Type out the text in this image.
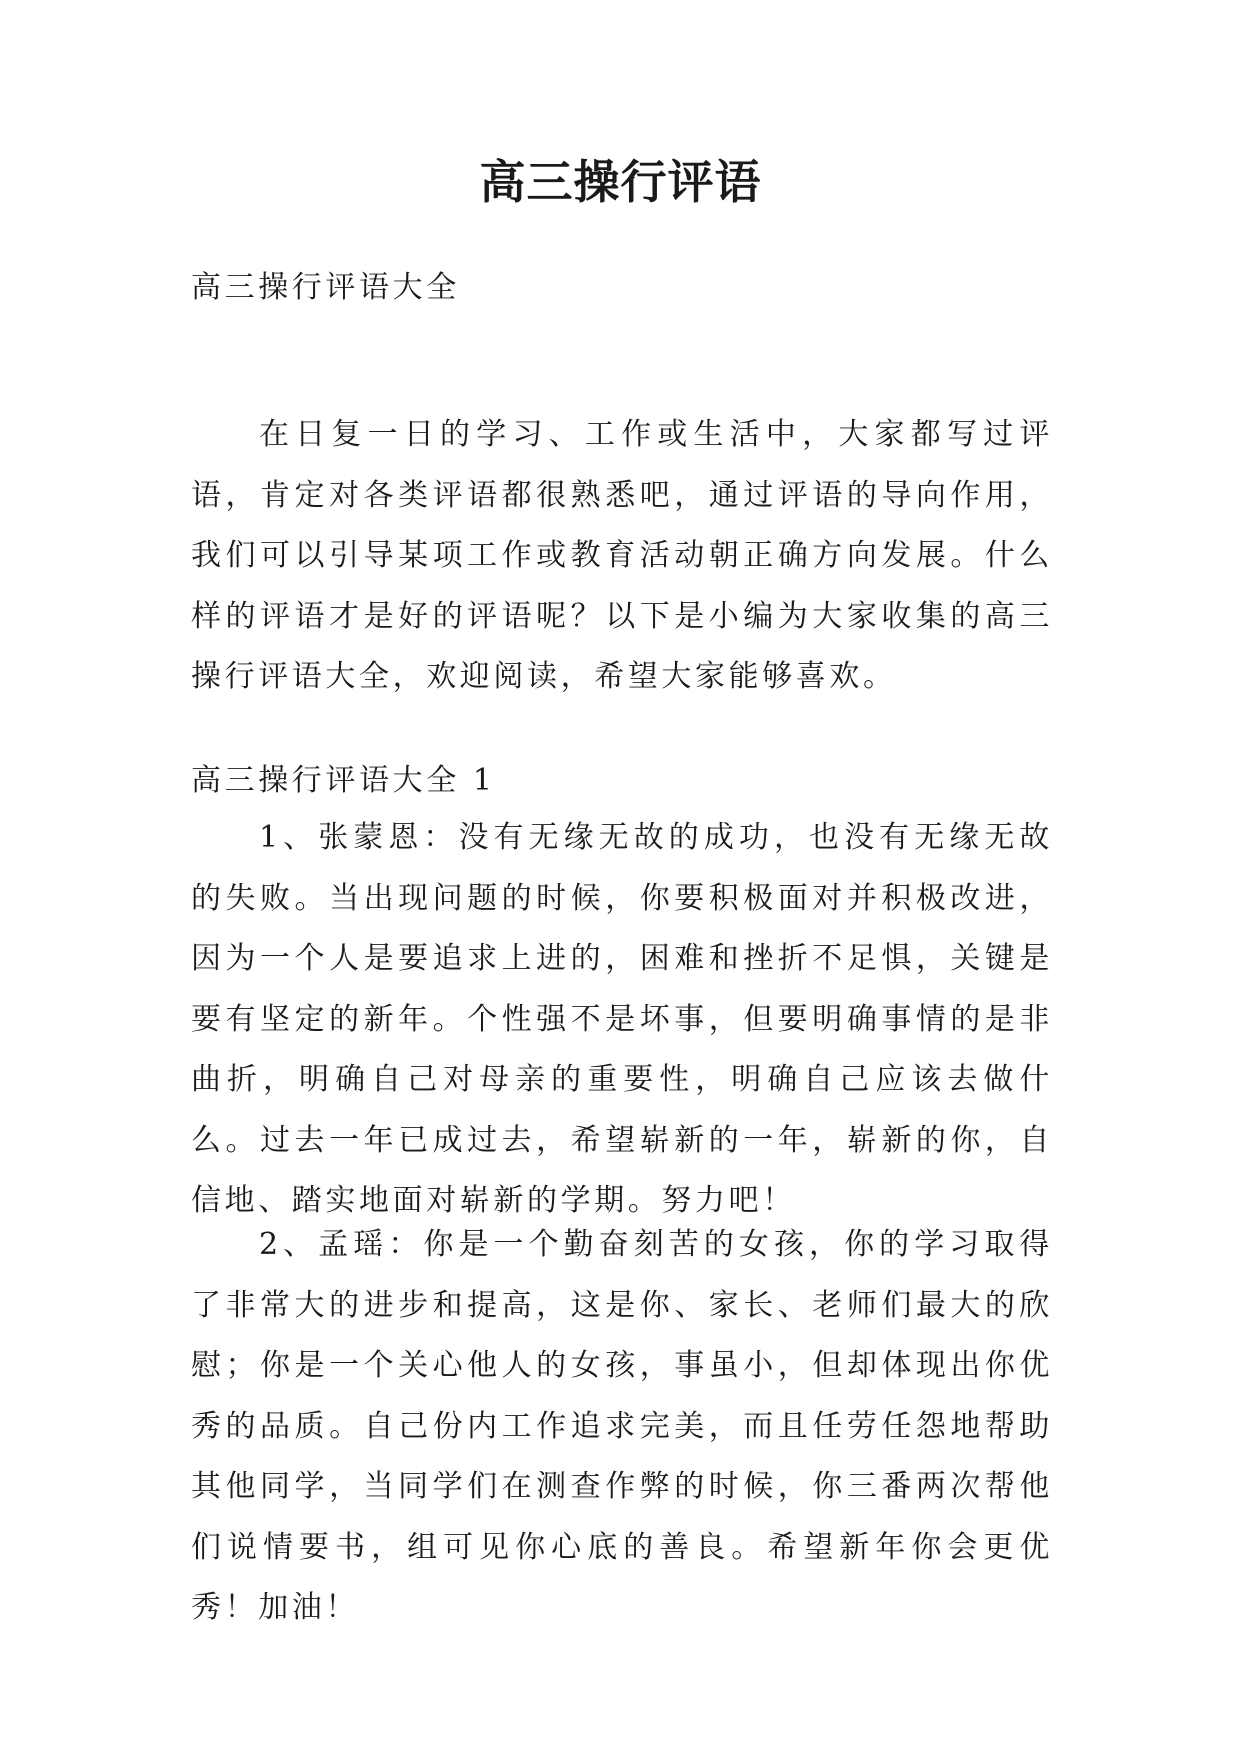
高三操行评语

高三操行评语大全

在日复一日的学习、工作或生活中，大家都写过评语，肯定对各类评语都很熟悉吧，通过评语的导向作用，我们可以引导某项工作或教育活动朝正确方向发展。什么样的评语才是好的评语呢？以下是小编为大家收集的高三操行评语大全，欢迎阅读，希望大家能够喜欢。

高三操行评语大全 1

1、张蒙恩：没有无缘无故的成功，也没有无缘无故的失败。当出现问题的时候，你要积极面对并积极改进，因为一个人是要追求上进的，困难和挫折不足惧，关键是要有坚定的新年。个性强不是坏事，但要明确事情的是非曲折，明确自己对母亲的重要性，明确自己应该去做什么。过去一年已成过去，希望崭新的一年，崭新的你，自信地、踏实地面对崭新的学期。努力吧！

2、孟瑶：你是一个勤奋刻苦的女孩，你的学习取得了非常大的进步和提高，这是你、家长、老师们最大的欣慰；你是一个关心他人的女孩，事虽小，但却体现出你优秀的品质。自己份内工作追求完美，而且任劳任怨地帮助其他同学，当同学们在测查作弊的时候，你三番两次帮他们说情要书，组可见你心底的善良。希望新年你会更优秀！加油！
